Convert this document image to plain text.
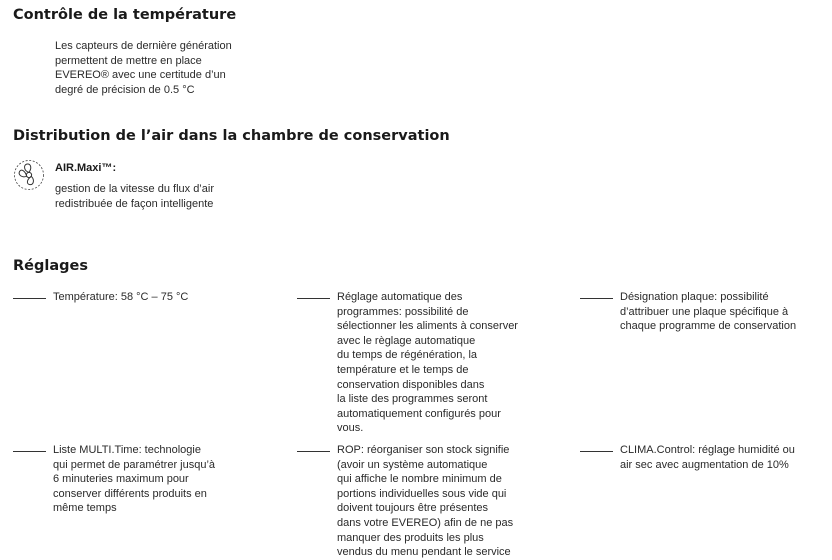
Contrôle de la température
Les capteurs de dernière génération
permettent de mettre en place
EVEREO® avec une certitude d’un
degré de précision de 0.5 °C
Distribution de l’air dans la chambre de conservation
AIR.Maxi™:
gestion de la vitesse du flux d’air
redistribuée de façon intelligente
Réglages
Température: 58 °C – 75 °C	Réglage automatique des
programmes: possibilité de
sélectionner les aliments à conserver
avec le règlage automatique
du temps de régénération, la
température et le temps de
conservation disponibles dans
la liste des programmes seront
automatiquement configurés pour
vous.
Désignation plaque: possibilité
d’attribuer une plaque spécifique à
chaque programme de conservation
Liste MULTI.Time: technologie
qui permet de paramétrer jusqu’à
6 minuteries maximum pour
conserver différents produits en
même temps
ROP: réorganiser son stock signifie
(avoir un système automatique
qui affiche le nombre minimum de
portions individuelles sous vide qui
doivent toujours être présentes
dans votre EVEREO) afin de ne pas
manquer des produits les plus
vendus du menu pendant le service
CLIMA.Control: réglage humidité ou
air sec avec augmentation de 10%
